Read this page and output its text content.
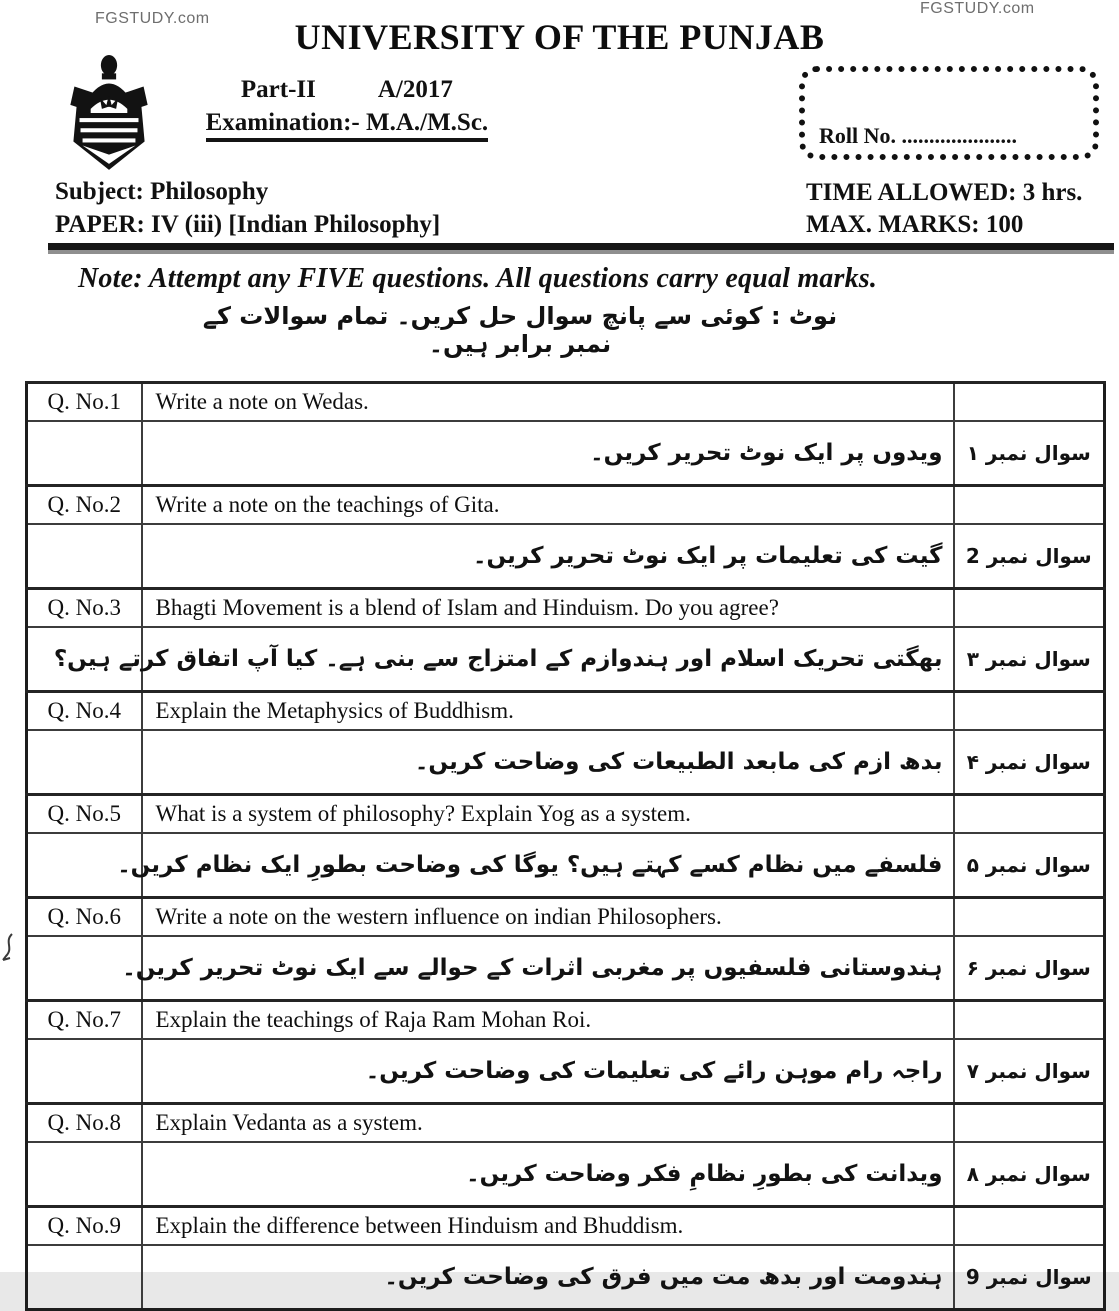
FGSTUDY.com
FGSTUDY.com
UNIVERSITY OF THE PUNJAB
Part-II A/2017
Examination:- M.A./M.Sc.	Roll No. .....................
Subject: Philosophy
PAPER: IV (iii) [Indian Philosophy]
TIME ALLOWED: 3 hrs.
MAX. MARKS: 100
Note: Attempt any FIVE questions. All questions carry equal marks.
نوٹ : کوئی سے پانچ سوال حل کریں۔ تمام سوالات کے نمبر برابر ہیں۔
Q. No.1	Write a note on Wedas.	
	ویدوں پر ایک نوٹ تحریر کریں۔	سوال نمبر ۱
Q. No.2	Write a note on the teachings of Gita.	
	گیت کی تعلیمات پر ایک نوٹ تحریر کریں۔	سوال نمبر 2
Q. No.3	Bhagti Movement is a blend of Islam and Hinduism. Do you agree?	
	بھگتی تحریک اسلام اور ہندوازم کے امتزاج سے بنی ہے۔ کیا آپ اتفاق کرتے ہیں؟	سوال نمبر ۳
Q. No.4	Explain the Metaphysics of Buddhism.	
	بدھ ازم کی مابعد الطبیعات کی وضاحت کریں۔	سوال نمبر ۴
Q. No.5	What is a system of philosophy? Explain Yog as a system.	
	فلسفے میں نظام کسے کہتے ہیں؟ یوگا کی وضاحت بطورِ ایک نظام کریں۔	سوال نمبر ۵
Q. No.6	Write a note on the western influence on indian Philosophers.	
	ہندوستانی فلسفیوں پر مغربی اثرات کے حوالے سے ایک نوٹ تحریر کریں۔	سوال نمبر ۶
Q. No.7	Explain the teachings of Raja Ram Mohan Roi.	
	راجہ رام موہن رائے کی تعلیمات کی وضاحت کریں۔	سوال نمبر ۷
Q. No.8	Explain Vedanta as a system.	
	ویدانت کی بطورِ نظامِ فکر وضاحت کریں۔	سوال نمبر ۸
Q. No.9	Explain the difference between Hinduism and Bhuddism.	
	ہندومت اور بدھ مت میں فرق کی وضاحت کریں۔	سوال نمبر 9
